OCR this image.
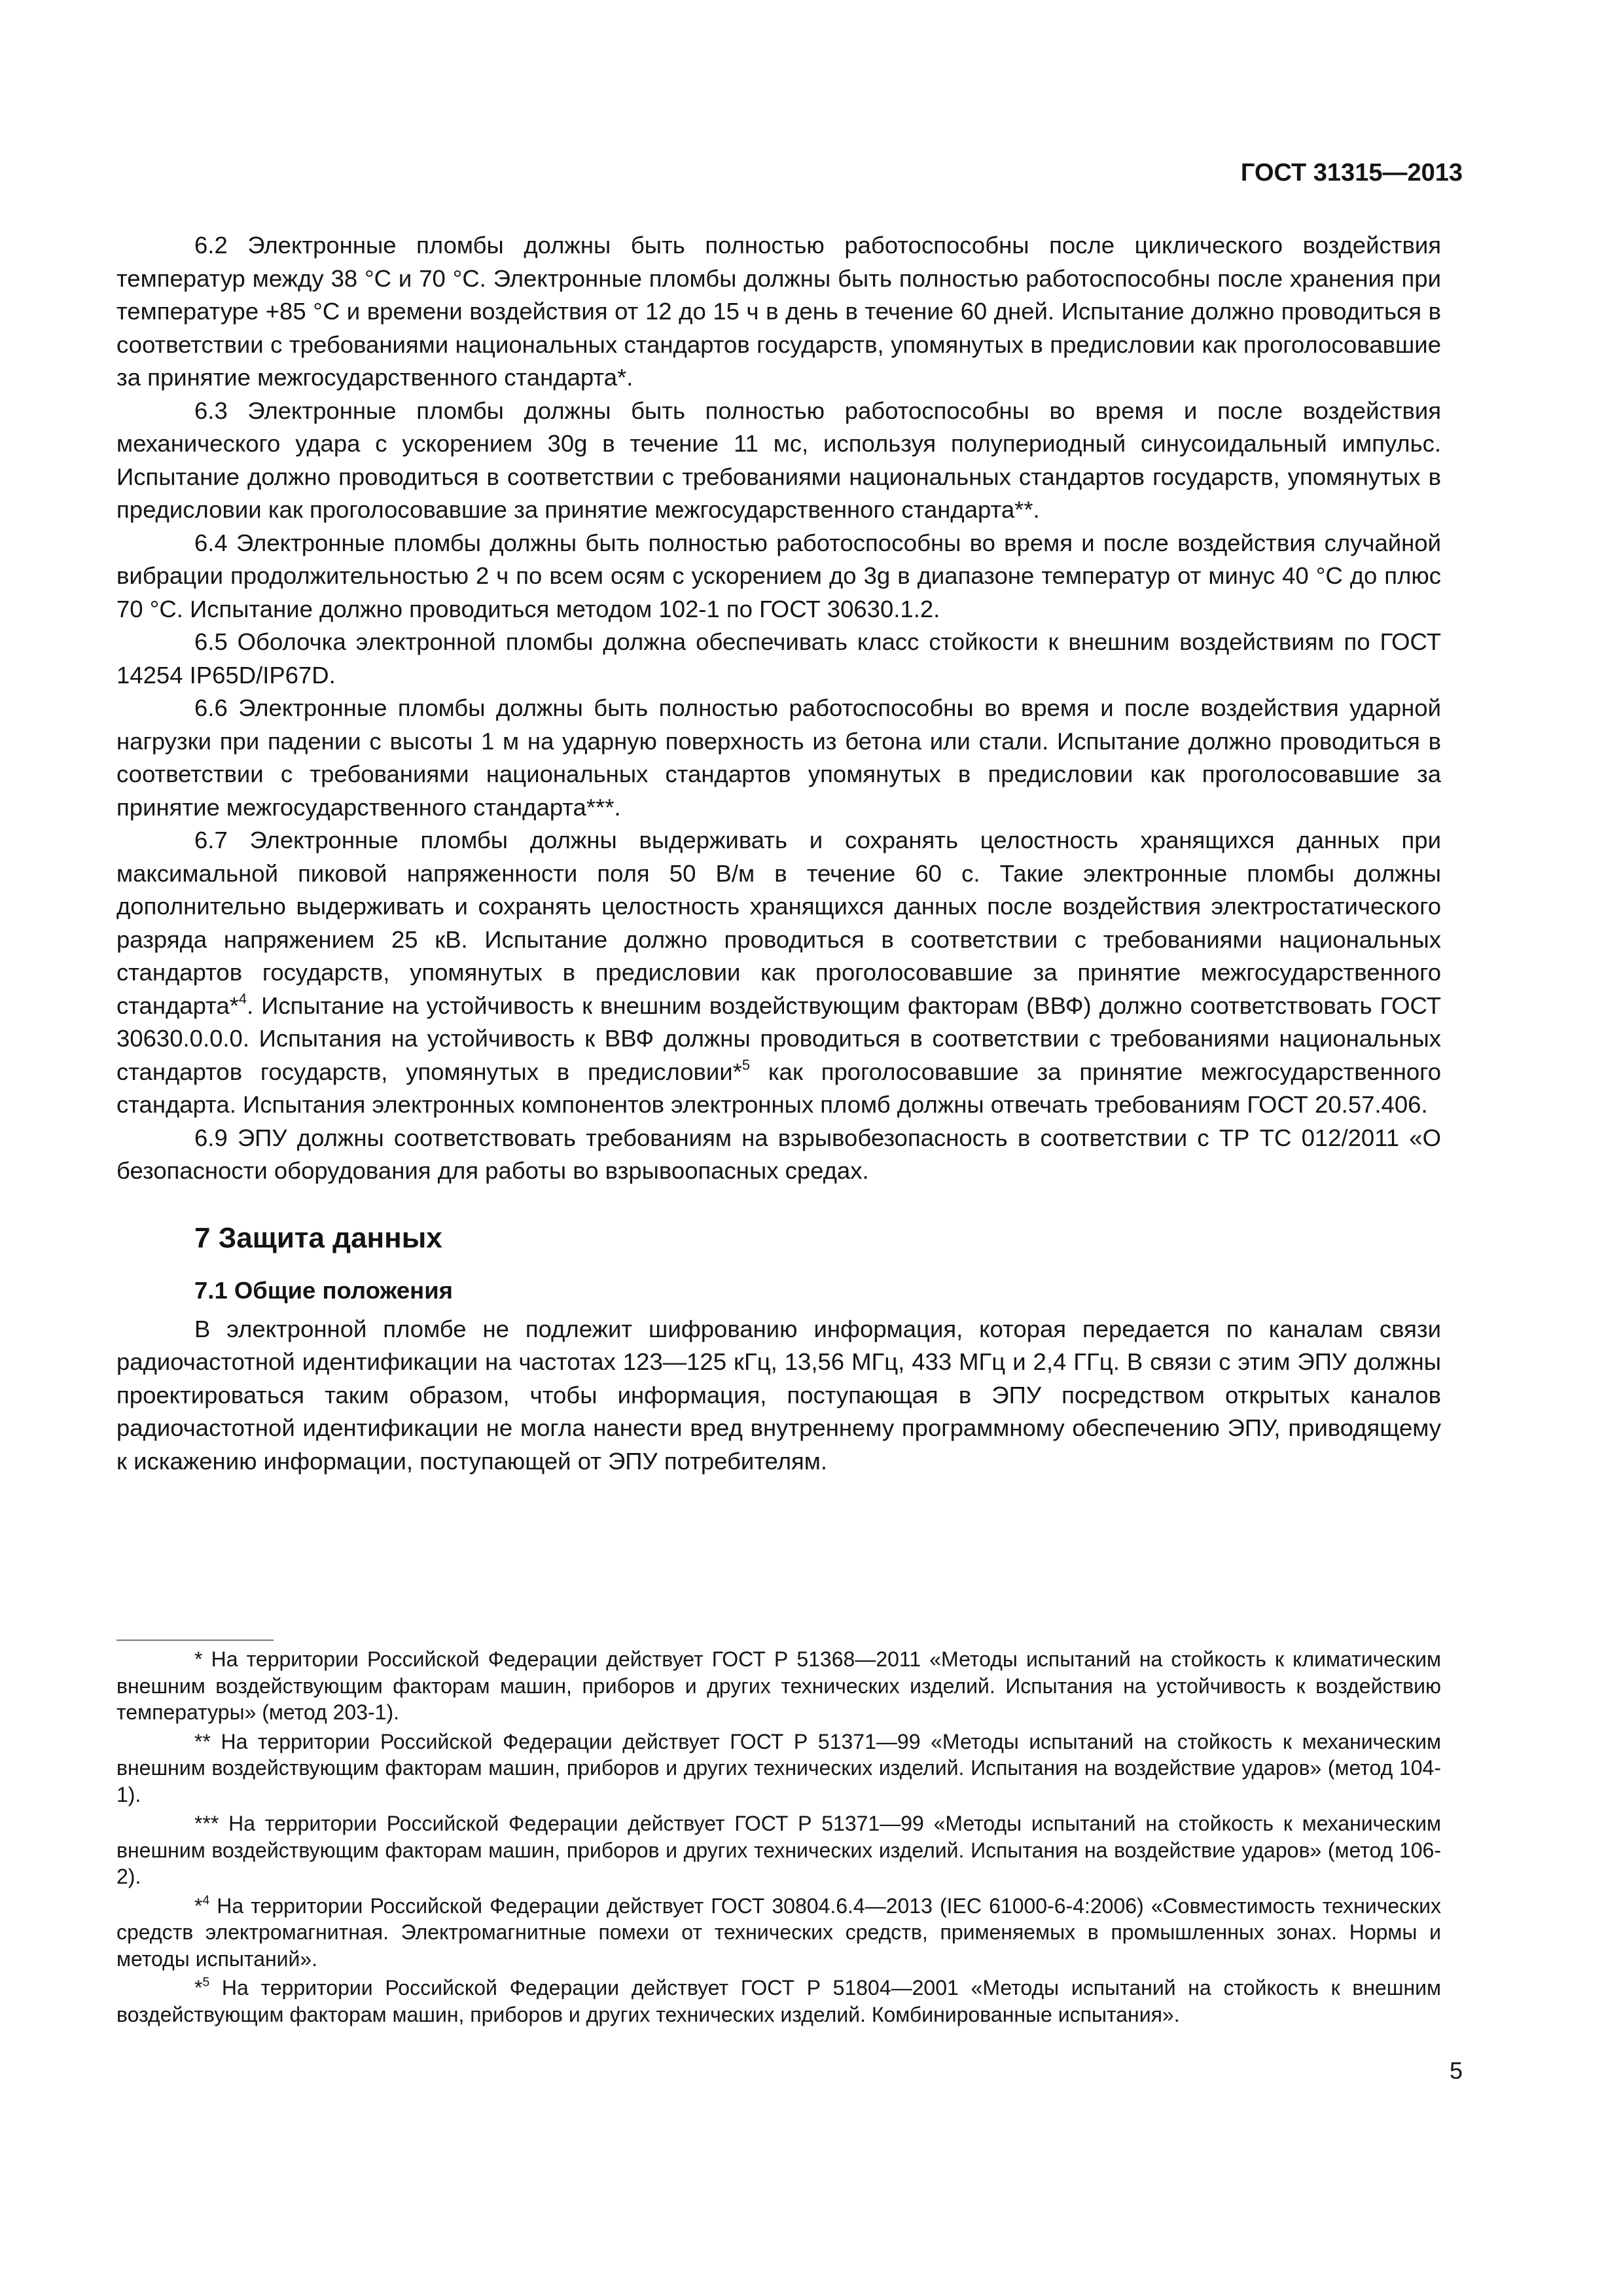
ГОСТ 31315—2013

6.2 Электронные пломбы должны быть полностью работоспособны после циклического воздействия температур между 38 °С и 70 °С. Электронные пломбы должны быть полностью работоспособны после хранения при температуре +85 °С и времени воздействия от 12 до 15 ч в день в течение 60 дней. Испытание должно проводиться в соответствии с требованиями национальных стандартов государств, упомянутых в предисловии как проголосовавшие за принятие межгосударственного стандарта*.

6.3 Электронные пломбы должны быть полностью работоспособны во время и после воздействия механического удара с ускорением 30g в течение 11 мс, используя полупериодный синусоидальный импульс. Испытание должно проводиться в соответствии с требованиями национальных стандартов государств, упомянутых в предисловии как проголосовавшие за принятие межгосударственного стандарта**.

6.4 Электронные пломбы должны быть полностью работоспособны во время и после воздействия случайной вибрации продолжительностью 2 ч по всем осям с ускорением до 3g в диапазоне температур от минус 40 °С до плюс 70 °С. Испытание должно проводиться методом 102-1 по ГОСТ 30630.1.2.

6.5 Оболочка электронной пломбы должна обеспечивать класс стойкости к внешним воздействиям по ГОСТ 14254 IP65D/IP67D.

6.6 Электронные пломбы должны быть полностью работоспособны во время и после воздействия ударной нагрузки при падении с высоты 1 м на ударную поверхность из бетона или стали. Испытание должно проводиться в соответствии с требованиями национальных стандартов упомянутых в предисловии как проголосовавшие за принятие межгосударственного стандарта***.

6.7 Электронные пломбы должны выдерживать и сохранять целостность хранящихся данных при максимальной пиковой напряженности поля 50 В/м в течение 60 с. Такие электронные пломбы должны дополнительно выдерживать и сохранять целостность хранящихся данных после воздействия электростатического разряда напряжением 25 кВ. Испытание должно проводиться в соответствии с требованиями национальных стандартов государств, упомянутых в предисловии как проголосовавшие за принятие межгосударственного стандарта*$^4$. Испытание на устойчивость к внешним воздействующим факторам (ВВФ) должно соответствовать ГОСТ 30630.0.0.0. Испытания на устойчивость к ВВФ должны проводиться в соответствии с требованиями национальных стандартов государств, упомянутых в предисловии*$^5$ как проголосовавшие за принятие межгосударственного стандарта. Испытания электронных компонентов электронных пломб должны отвечать требованиям ГОСТ 20.57.406.

6.9 ЭПУ должны соответствовать требованиям на взрывобезопасность в соответствии с ТР ТС 012/2011 «О безопасности оборудования для работы во взрывоопасных средах.

7 Защита данных
7.1 Общие положения

В электронной пломбе не подлежит шифрованию информация, которая передается по каналам связи радиочастотной идентификации на частотах 123—125 кГц, 13,56 МГц, 433 МГц и 2,4 ГГц. В связи с этим ЭПУ должны проектироваться таким образом, чтобы информация, поступающая в ЭПУ посредством открытых каналов радиочастотной идентификации не могла нанести вред внутреннему программному обеспечению ЭПУ, приводящему к искажению информации, поступающей от ЭПУ потребителям.

* На территории Российской Федерации действует ГОСТ Р 51368—2011 «Методы испытаний на стойкость к климатическим внешним воздействующим факторам машин, приборов и других технических изделий. Испытания на устойчивость к воздействию температуры» (метод 203-1).

** На территории Российской Федерации действует ГОСТ Р 51371—99 «Методы испытаний на стойкость к механическим внешним воздействующим факторам машин, приборов и других технических изделий. Испытания на воздействие ударов» (метод 104-1).

*** На территории Российской Федерации действует ГОСТ Р 51371—99 «Методы испытаний на стойкость к механическим внешним воздействующим факторам машин, приборов и других технических изделий. Испытания на воздействие ударов» (метод 106-2).

*$^4$ На территории Российской Федерации действует ГОСТ 30804.6.4—2013 (IEC 61000-6-4:2006) «Совместимость технических средств электромагнитная. Электромагнитные помехи от технических средств, применяемых в промышленных зонах. Нормы и методы испытаний».

*$^5$ На территории Российской Федерации действует ГОСТ Р 51804—2001 «Методы испытаний на стойкость к внешним воздействующим факторам машин, приборов и других технических изделий. Комбинированные испытания».

5
